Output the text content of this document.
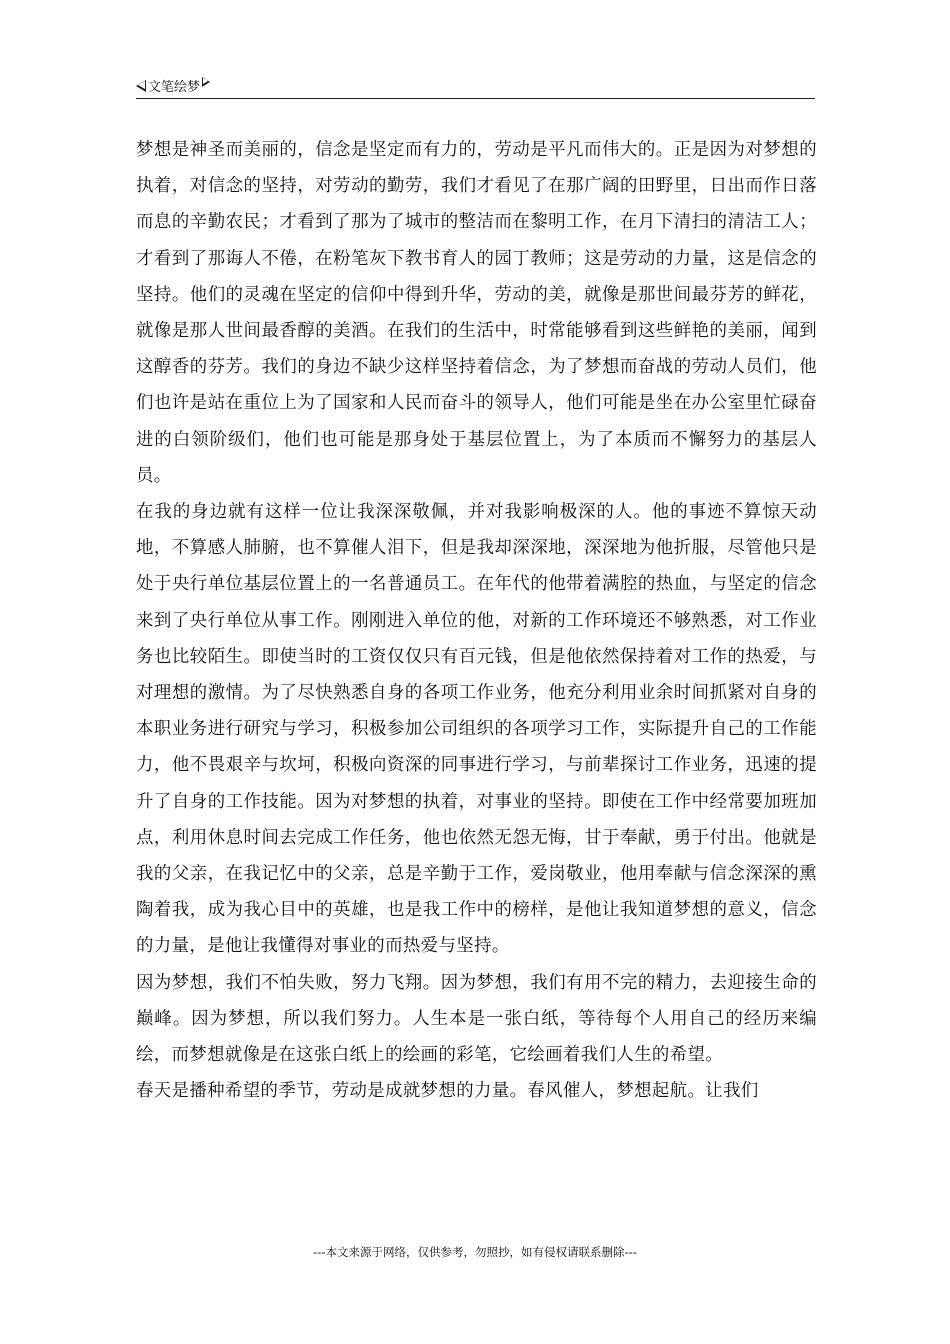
文笔绘梦

梦想是神圣而美丽的，信念是坚定而有力的，劳动是平凡而伟大的。正是因为对梦想的执着，对信念的坚持，对劳动的勤劳，我们才看见了在那广阔的田野里，日出而作日落而息的辛勤农民；才看到了那为了城市的整洁而在黎明工作，在月下清扫的清洁工人；才看到了那诲人不倦，在粉笔灰下教书育人的园丁教师；这是劳动的力量，这是信念的坚持。他们的灵魂在坚定的信仰中得到升华，劳动的美，就像是那世间最芬芳的鲜花，就像是那人世间最香醇的美酒。在我们的生活中，时常能够看到这些鲜艳的美丽，闻到这醇香的芬芳。我们的身边不缺少这样坚持着信念，为了梦想而奋战的劳动人员们，他们也许是站在重位上为了国家和人民而奋斗的领导人，他们可能是坐在办公室里忙碌奋进的白领阶级们，他们也可能是那身处于基层位置上，为了本质而不懈努力的基层人员。

在我的身边就有这样一位让我深深敬佩，并对我影响极深的人。他的事迹不算惊天动地，不算感人肺腑，也不算催人泪下，但是我却深深地，深深地为他折服，尽管他只是处于央行单位基层位置上的一名普通员工。在年代的他带着满腔的热血，与坚定的信念来到了央行单位从事工作。刚刚进入单位的他，对新的工作环境还不够熟悉，对工作业务也比较陌生。即使当时的工资仅仅只有百元钱，但是他依然保持着对工作的热爱，与对理想的激情。为了尽快熟悉自身的各项工作业务，他充分利用业余时间抓紧对自身的本职业务进行研究与学习，积极参加公司组织的各项学习工作，实际提升自己的工作能力，他不畏艰辛与坎坷，积极向资深的同事进行学习，与前辈探讨工作业务，迅速的提升了自身的工作技能。因为对梦想的执着，对事业的坚持。即使在工作中经常要加班加点，利用休息时间去完成工作任务，他也依然无怨无悔，甘于奉献，勇于付出。他就是我的父亲，在我记忆中的父亲，总是辛勤于工作，爱岗敬业，他用奉献与信念深深的熏陶着我，成为我心目中的英雄，也是我工作中的榜样，是他让我知道梦想的意义，信念的力量，是他让我懂得对事业的而热爱与坚持。

因为梦想，我们不怕失败，努力飞翔。因为梦想，我们有用不完的精力，去迎接生命的巅峰。因为梦想，所以我们努力。人生本是一张白纸，等待每个人用自己的经历来编绘，而梦想就像是在这张白纸上的绘画的彩笔，它绘画着我们人生的希望。

春天是播种希望的季节，劳动是成就梦想的力量。春风催人，梦想起航。让我们

---本文来源于网络，仅供参考，勿照抄，如有侵权请联系删除---
